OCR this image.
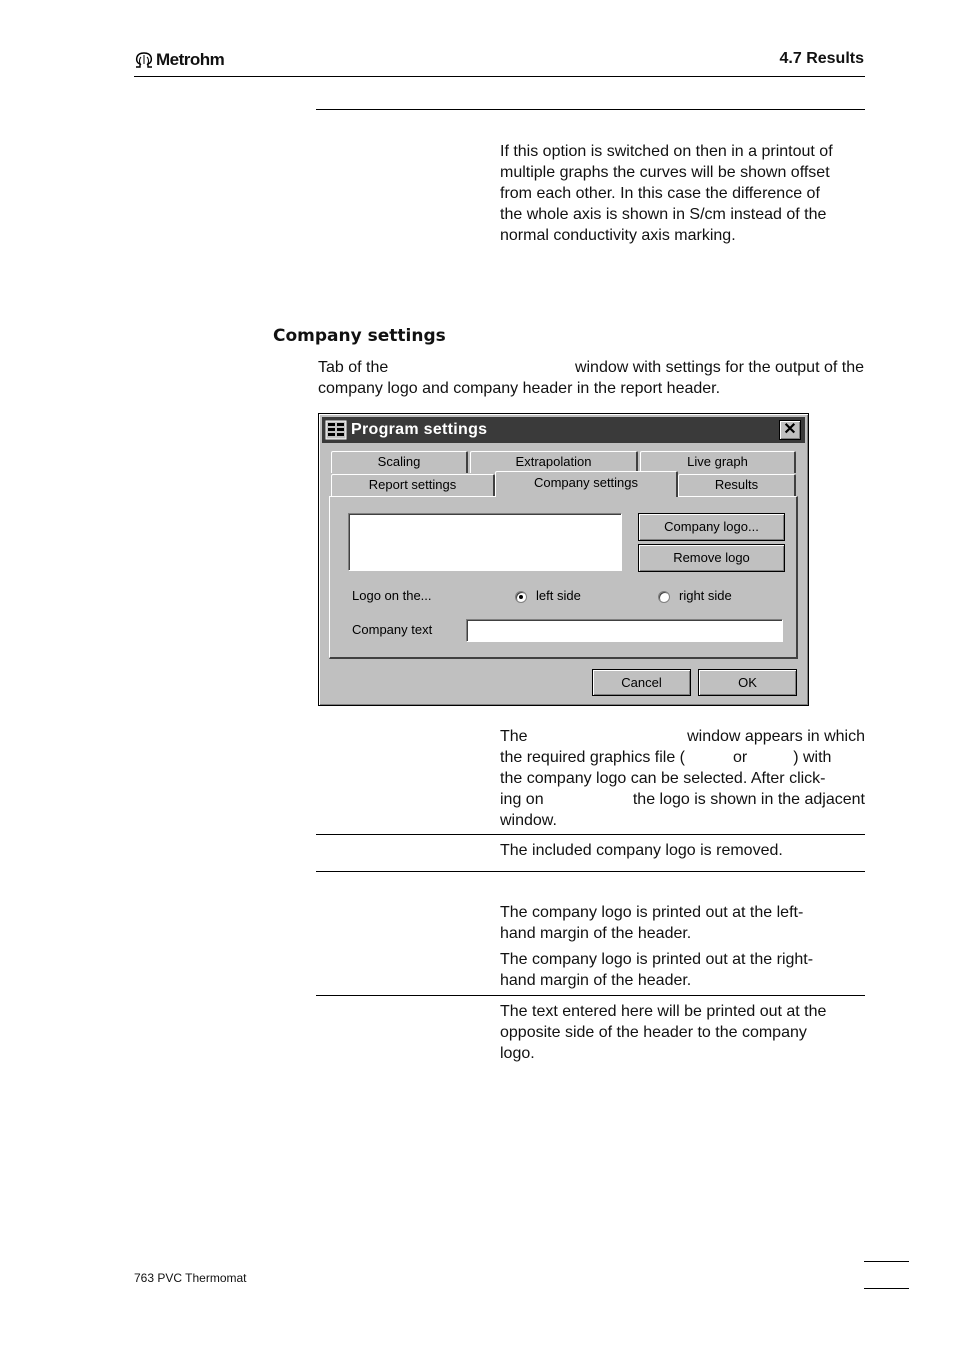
Metrohm	4.7 Results
If this option is switched on then in a printout of
multiple graphs the curves will be shown offset
from each other. In this case the difference of
the whole axis is shown in S/cm instead of the
normal conductivity axis marking.
Company settings
Tab of the	window with settings for the output of the
company logo and company header in the report header.
Program settings	✕
Scaling	Extrapolation	Live graph
Report settings	Company settings	Results
Company logo...
Remove logo
Logo on the...	left side	right side
Company text
Cancel	OK
The	window appears in which
the required graphics file (	or	) with
the company logo can be selected. After click-
ing on	the logo is shown in the adjacent
window.
The included company logo is removed.
The company logo is printed out at the left-
hand margin of the header.
The company logo is printed out at the right-
hand margin of the header.
The text entered here will be printed out at the
opposite side of the header to the company
logo.
763 PVC Thermomat
